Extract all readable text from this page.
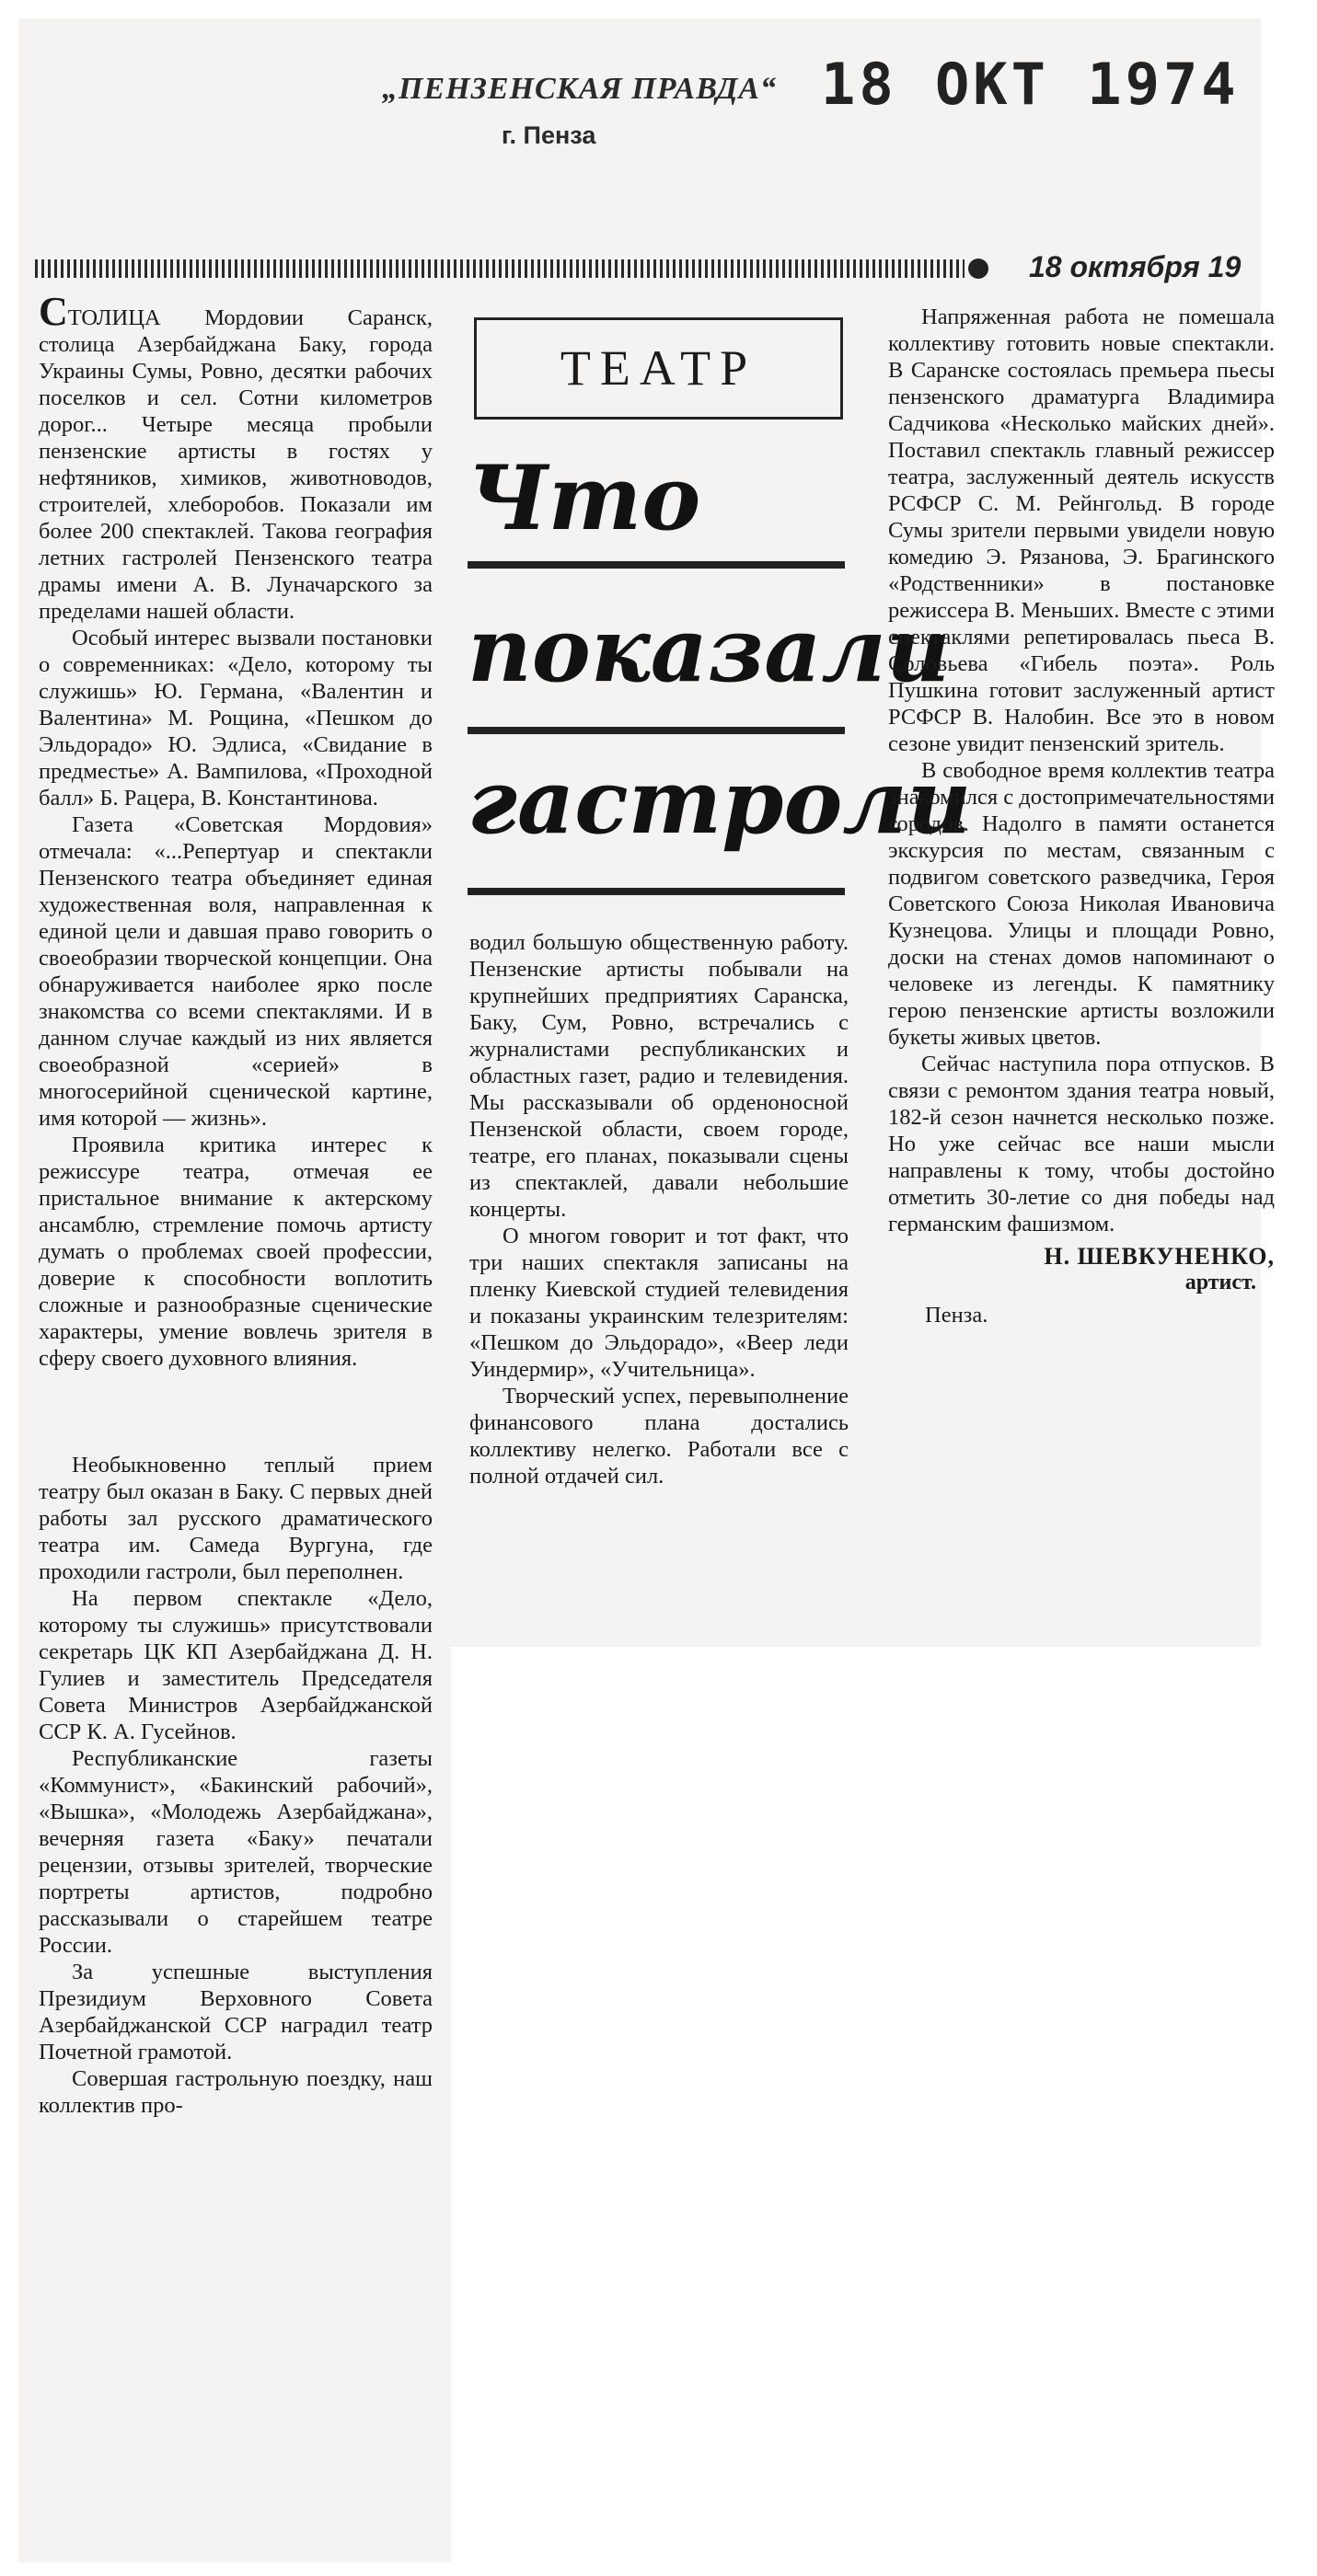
„ПЕНЗЕНСКАЯ ПРАВДА“
г. Пенза
18 ОКТ 1974
18 октября 19
ТЕАТР
Что
показали
гастроли

СТОЛИЦА Мордовии Саранск, столица Азербайджана Баку, города Украины Сумы, Ровно, десятки рабочих поселков и сел. Сотни километров дорог... Четыре месяца пробыли пензенские артисты в гостях у нефтяников, химиков, животноводов, строителей, хлеборобов. Показали им более 200 спектаклей. Такова география летних гастролей Пензенского театра драмы имени А. В. Луначарского за пределами нашей области.

Особый интерес вызвали постановки о современниках: «Дело, которому ты служишь» Ю. Германа, «Валентин и Валентина» М. Рощина, «Пешком до Эльдорадо» Ю. Эдлиса, «Свидание в предместье» А. Вампилова, «Проходной балл» Б. Рацера, В. Константинова.

Газета «Советская Мордовия» отмечала: «...Репертуар и спектакли Пензенского театра объединяет единая художественная воля, направленная к единой цели и давшая право говорить о своеобразии творческой концепции. Она обнаруживается наиболее ярко после знакомства со всеми спектаклями. И в данном случае каждый из них является своеобразной «серией» в многосерийной сценической картине, имя которой — жизнь».

Проявила критика интерес к режиссуре театра, отмечая ее пристальное внимание к актерскому ансамблю, стремление помочь артисту думать о проблемах своей профессии, доверие к способности воплотить сложные и разнообразные сценические характеры, умение вовлечь зрителя в сферу своего духовного влияния.

Необыкновенно теплый прием театру был оказан в Баку. С первых дней работы зал русского драматического театра им. Самеда Вургуна, где проходили гастроли, был переполнен.

На первом спектакле «Дело, которому ты служишь» присутствовали секретарь ЦК КП Азербайджана Д. Н. Гулиев и заместитель Председателя Совета Министров Азербайджанской ССР К. А. Гусейнов.

Республиканские газеты «Коммунист», «Бакинский рабочий», «Вышка», «Молодежь Азербайджана», вечерняя газета «Баку» печатали рецензии, отзывы зрителей, творческие портреты артистов, подробно рассказывали о старейшем театре России.

За успешные выступления Президиум Верховного Совета Азербайджанской ССР наградил театр Почетной грамотой.

Совершая гастрольную поездку, наш коллектив про-

водил большую общественную работу. Пензенские артисты побывали на крупнейших предприятиях Саранска, Баку, Сум, Ровно, встречались с журналистами республиканских и областных газет, радио и телевидения. Мы рассказывали об орденоносной Пензенской области, своем городе, театре, его планах, показывали сцены из спектаклей, давали небольшие концерты.

О многом говорит и тот факт, что три наших спектакля записаны на пленку Киевской студией телевидения и показаны украинским телезрителям: «Пешком до Эльдорадо», «Веер леди Уиндермир», «Учительница».

Творческий успех, перевыполнение финансового плана достались коллективу нелегко. Работали все с полной отдачей сил.

Напряженная работа не помешала коллективу готовить новые спектакли. В Саранске состоялась премьера пьесы пензенского драматурга Владимира Садчикова «Несколько майских дней». Поставил спектакль главный режиссер театра, заслуженный деятель искусств РСФСР С. М. Рейнгольд. В городе Сумы зрители первыми увидели новую комедию Э. Рязанова, Э. Брагинского «Родственники» в постановке режиссера В. Меньших. Вместе с этими спектаклями репетировалась пьеса В. Соловьева «Гибель поэта». Роль Пушкина готовит заслуженный артист РСФСР В. Налобин. Все это в новом сезоне увидит пензенский зритель.

В свободное время коллектив театра знакомился с достопримечательностями городов. Надолго в памяти останется экскурсия по местам, связанным с подвигом советского разведчика, Героя Советского Союза Николая Ивановича Кузнецова. Улицы и площади Ровно, доски на стенах домов напоминают о человеке из легенды. К памятнику герою пензенские артисты возложили букеты живых цветов.

Сейчас наступила пора отпусков. В связи с ремонтом здания театра новый, 182-й сезон начнется несколько позже. Но уже сейчас все наши мысли направлены к тому, чтобы достойно отметить 30-летие со дня победы над германским фашизмом.

Н. ШЕВКУНЕНКО,
артист.
Пенза.
